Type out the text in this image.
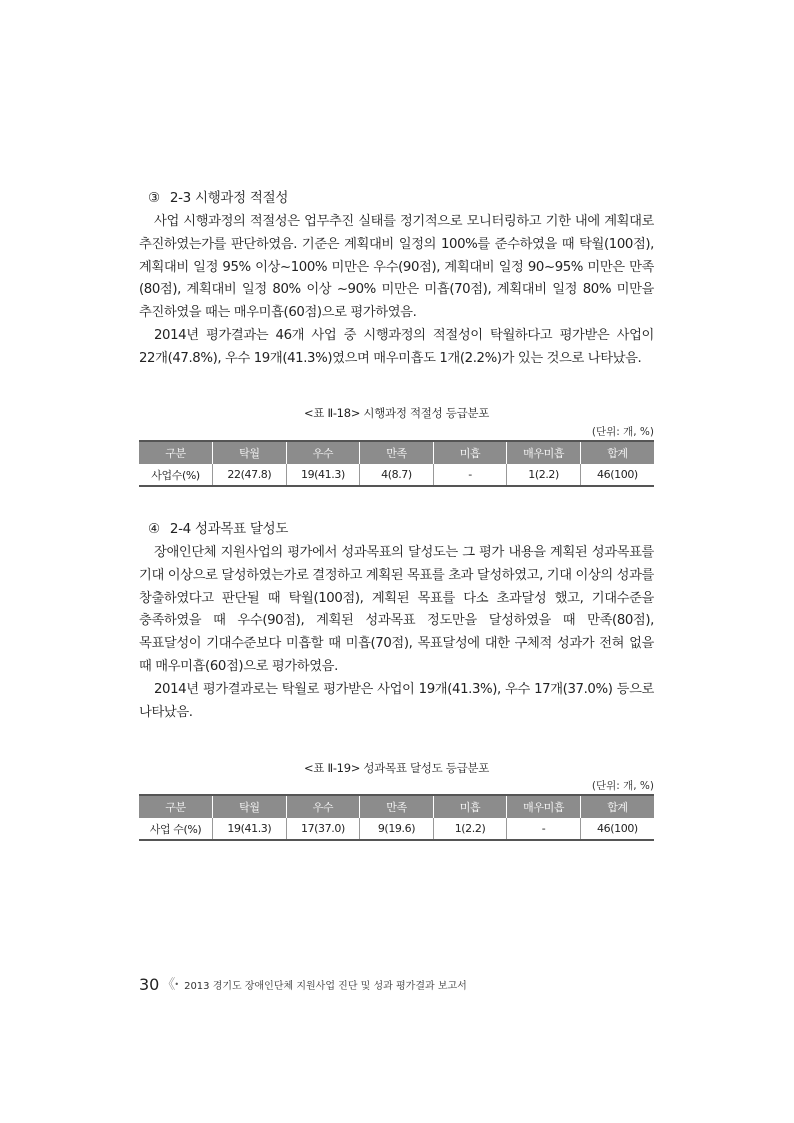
③ 2-3 시행과정 적절성
사업 시행과정의 적절성은 업무추진 실태를 정기적으로 모니터링하고 기한 내에 계획대로 추진하였는가를 판단하였음. 기준은 계획대비 일정의 100%를 준수하였을 때 탁월(100점), 계획대비 일정 95% 이상~100% 미만은 우수(90점), 계획대비 일정 90~95% 미만은 만족(80점), 계획대비 일정 80% 이상 ~90% 미만은 미흡(70점), 계획대비 일정 80% 미만을 추진하였을 때는 매우미흡(60점)으로 평가하였음.
2014년 평가결과는 46개 사업 중 시행과정의 적절성이 탁월하다고 평가받은 사업이 22개(47.8%), 우수 19개(41.3%)였으며 매우미흡도 1개(2.2%)가 있는 것으로 나타났음.
<표 Ⅱ-18> 시행과정 적절성 등급분포
(단위: 개, %)
구분	탁월	우수	만족	미흡	매우미흡	합계
사업수(%)	22(47.8)	19(41.3)	4(8.7)	-	1(2.2)	46(100)
④ 2-4 성과목표 달성도
장애인단체 지원사업의 평가에서 성과목표의 달성도는 그 평가 내용을 계획된 성과목표를 기대 이상으로 달성하였는가로 결정하고 계획된 목표를 초과 달성하였고, 기대 이상의 성과를 창출하였다고 판단될 때 탁월(100점), 계획된 목표를 다소 초과달성 했고, 기대수준을 충족하였을 때 우수(90점), 계획된 성과목표 정도만을 달성하였을 때 만족(80점), 목표달성이 기대수준보다 미흡할 때 미흡(70점), 목표달성에 대한 구체적 성과가 전혀 없을 때 매우미흡(60점)으로 평가하였음.
2014년 평가결과로는 탁월로 평가받은 사업이 19개(41.3%), 우수 17개(37.0%) 등으로 나타났음.
<표 Ⅱ-19> 성과목표 달성도 등급분포
(단위: 개, %)
구분	탁월	우수	만족	미흡	매우미흡	합계
사업 수(%)	19(41.3)	17(37.0)	9(19.6)	1(2.2)	-	46(100)
30 《 • 2013 경기도 장애인단체 지원사업 진단 및 성과 평가결과 보고서
